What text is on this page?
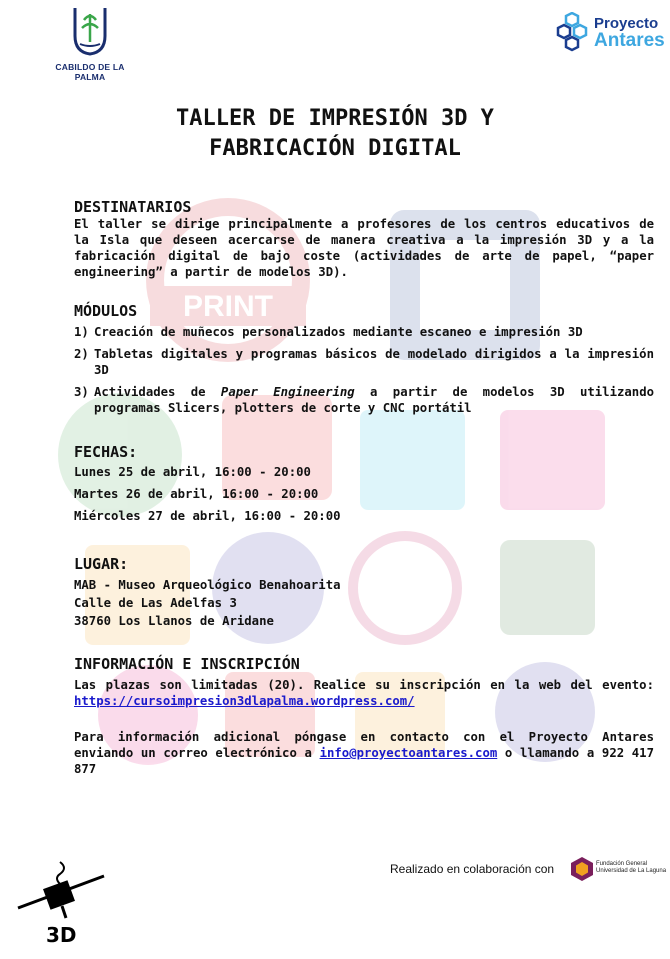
PRINT
CABILDO DE LA PALMA
Proyecto
Antares
TALLER DE IMPRESIÓN 3D Y
FABRICACIÓN DIGITAL
DESTINATARIOS
El taller se dirige principalmente a profesores de los centros educativos de la Isla que deseen acercarse de manera creativa a la impresión 3D y a la fabricación digital de bajo coste (actividades de arte de papel, “paper engineering” a partir de modelos 3D).
MÓDULOS
1) Creación de muñecos personalizados mediante escaneo e impresión 3D
2) Tabletas digitales y programas básicos de modelado dirigidos a la impresión 3D
3) Actividades de Paper Engineering a partir de modelos 3D utilizando programas Slicers, plotters de corte y CNC portátil
FECHAS:
Lunes 25 de abril, 16:00 - 20:00
Martes 26 de abril, 16:00 - 20:00
Miércoles 27 de abril, 16:00 - 20:00
LUGAR:
MAB - Museo Arqueológico Benahoarita
Calle de Las Adelfas 3
38760 Los Llanos de Aridane
INFORMACIÓN E INSCRIPCIÓN
Las plazas son limitadas (20). Realice su inscripción en la web del evento: https://cursoimpresion3dlapalma.wordpress.com/
Para información adicional póngase en contacto con el Proyecto Antares enviando un correo electrónico a info@proyectoantares.com o llamando a 922 417 877
3D
Realizado en colaboración con	Fundación General
Universidad de La Laguna
